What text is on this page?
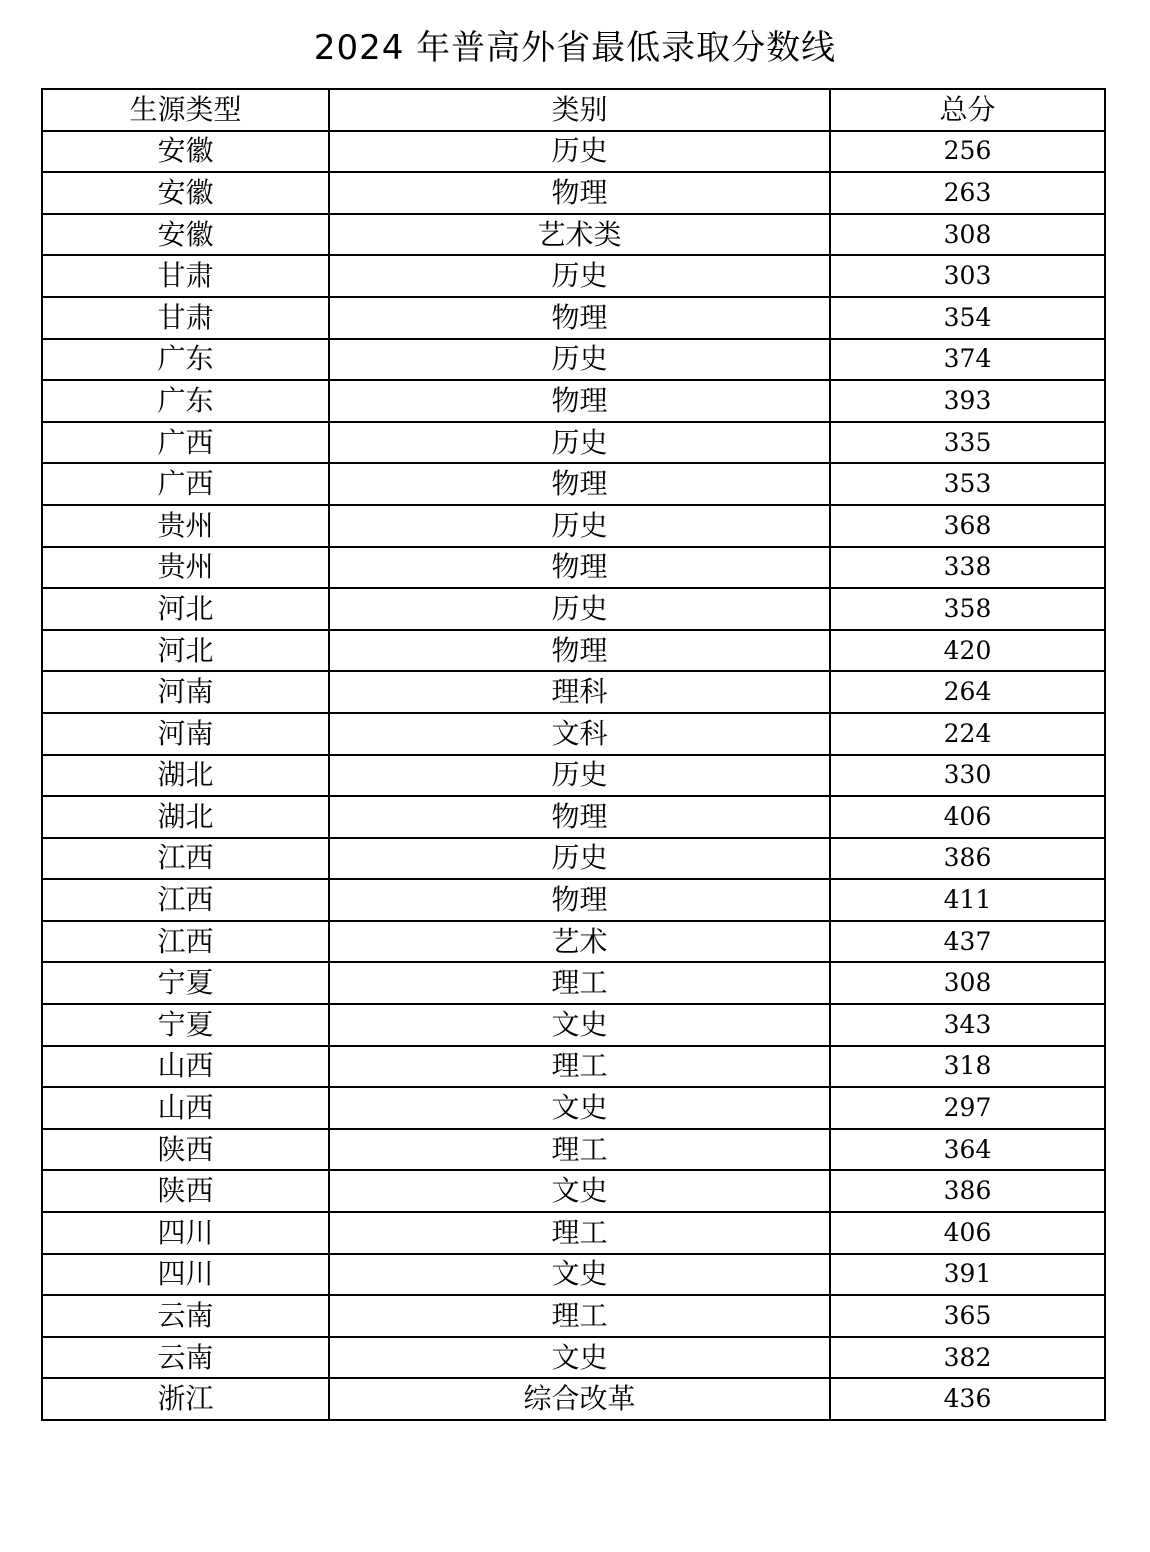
2024 年普高外省最低录取分数线
生源类型	类别	总分
安徽	历史	256
安徽	物理	263
安徽	艺术类	308
甘肃	历史	303
甘肃	物理	354
广东	历史	374
广东	物理	393
广西	历史	335
广西	物理	353
贵州	历史	368
贵州	物理	338
河北	历史	358
河北	物理	420
河南	理科	264
河南	文科	224
湖北	历史	330
湖北	物理	406
江西	历史	386
江西	物理	411
江西	艺术	437
宁夏	理工	308
宁夏	文史	343
山西	理工	318
山西	文史	297
陕西	理工	364
陕西	文史	386
四川	理工	406
四川	文史	391
云南	理工	365
云南	文史	382
浙江	综合改革	436
